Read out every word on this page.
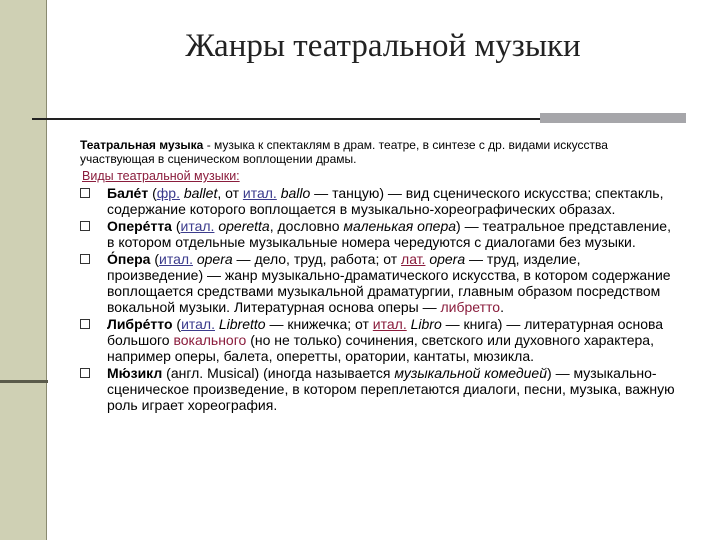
Жанры театральной музыки

Театральная музыка - музыка к спектаклям в драм. театре, в синтезе с др. видами искусства участвующая в сценическом воплощении драмы.

Виды театральной музыки:
Бале́т (фр. ballet, от итал. ballo — танцую) — вид сценического искусства; спектакль, содержание которого воплощается в музыкально-хореографических образах.
Опере́тта (итал. operetta, дословно маленькая опера) — театральное представление, в котором отдельные музыкальные номера чередуются с диалогами без музыки.
О́пера (итал. opera — дело, труд, работа; от лат. opera — труд, изделие, произведение) — жанр музыкально-драматического искусства, в котором содержание воплощается средствами музыкальной драматургии, главным образом посредством вокальной музыки. Литературная основа оперы — либретто.
Либре́тто (итал. Libretto — книжечка; от итал. Libro — книга) — литературная основа большого вокального (но не только) сочинения, светского или духовного характера, например оперы, балета, оперетты, оратории, кантаты, мюзикла.
Мю́зикл (англ. Musical) (иногда называется музыкальной комедией) — музыкально-сценическое произведение, в котором переплетаются диалоги, песни, музыка, важную роль играет хореография.
